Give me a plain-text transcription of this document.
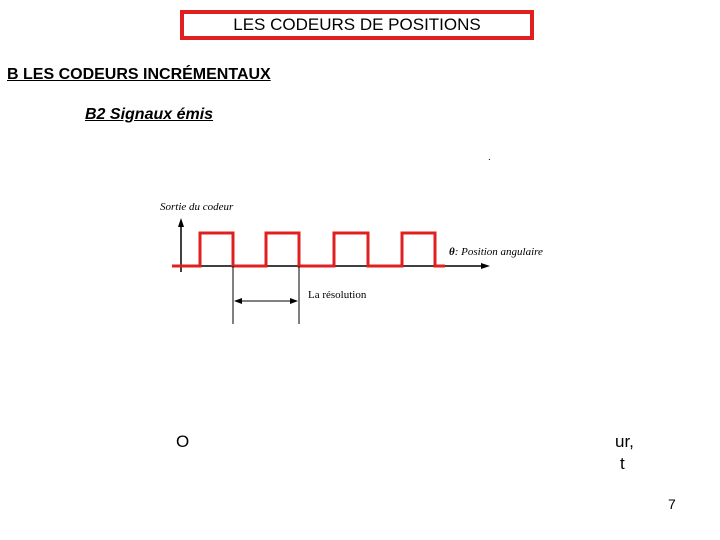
LES CODEURS DE POSITIONS
B LES CODEURS INCRÉMENTAUX
B2 Signaux émis
.
Sortie du codeur
θ: Position angulaire
La résolution
O	ur,
t
7
